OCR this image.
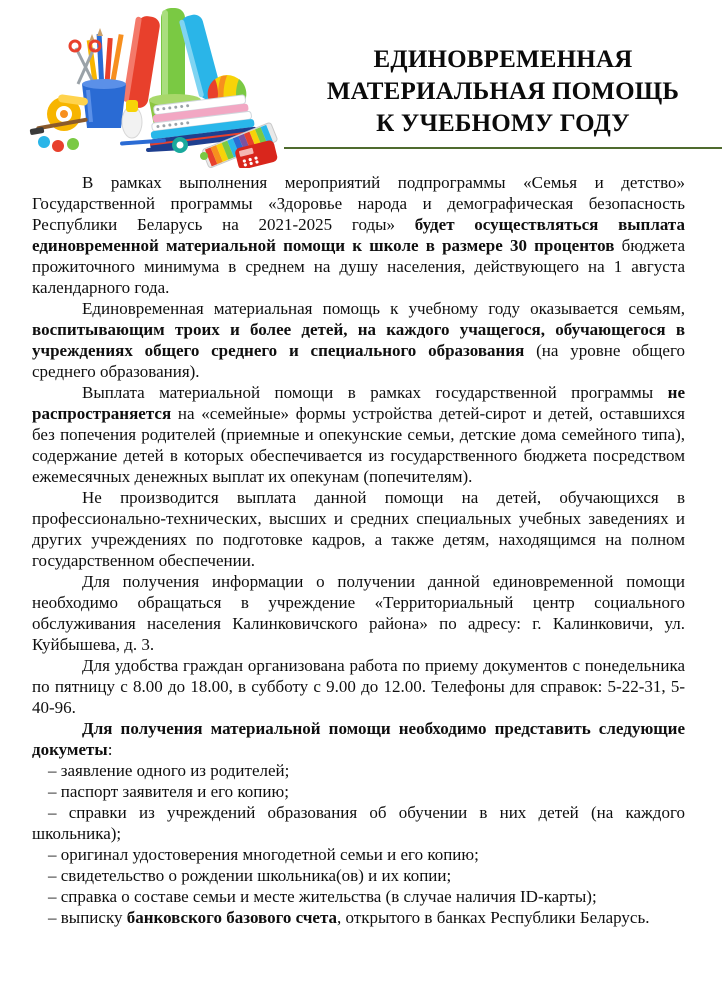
ЕДИНОВРЕМЕННАЯ
МАТЕРИАЛЬНАЯ ПОМОЩЬ
К УЧЕБНОМУ ГОДУ

В рамках выполнения мероприятий подпрограммы «Семья и детство» Государственной программы «Здоровье народа и демографическая безопасность Республики Беларусь на 2021-2025 годы» будет осуществляться выплата единовременной материальной помощи к школе в размере 30 процентов бюджета прожиточного минимума в среднем на душу населения, действующего на 1 августа календарного года.

Единовременная материальная помощь к учебному году оказывается семьям, воспитывающим троих и более детей, на каждого учащегося, обучающегося в учреждениях общего среднего и специального образования (на уровне общего среднего образования).

Выплата материальной помощи в рамках государственной программы не распространяется на «семейные» формы устройства детей-сирот и детей, оставшихся без попечения родителей (приемные и опекунские семьи, детские дома семейного типа), содержание детей в которых обеспечивается из государственного бюджета посредством ежемесячных денежных выплат их опекунам (попечителям).

Не производится выплата данной помощи на детей, обучающихся в профессионально-технических, высших и средних специальных учебных заведениях и других учреждениях по подготовке кадров, а также детям, находящимся на полном государственном обеспечении.

Для получения информации о получении данной единовременной помощи необходимо обращаться в учреждение «Территориальный центр социального обслуживания населения Калинковичского района» по адресу: г. Калинковичи, ул. Куйбышева, д. 3.

Для удобства граждан организована работа по приему документов с понедельника по пятницу с 8.00 до 18.00, в субботу с 9.00 до 12.00. Телефоны для справок: 5-22-31, 5-40-96.

Для получения материальной помощи необходимо представить следующие докуметы:

– заявление одного из родителей;

– паспорт заявителя и его копию;

– справки из учреждений образования об обучении в них детей (на каждого школьника);

– оригинал удостоверения многодетной семьи и его копию;

– свидетельство о рождении школьника(ов) и их копии;

– справка о составе семьи и месте жительства (в случае наличия ID-карты);

– выписку банковского базового счета, открытого в банках Республики Беларусь.
